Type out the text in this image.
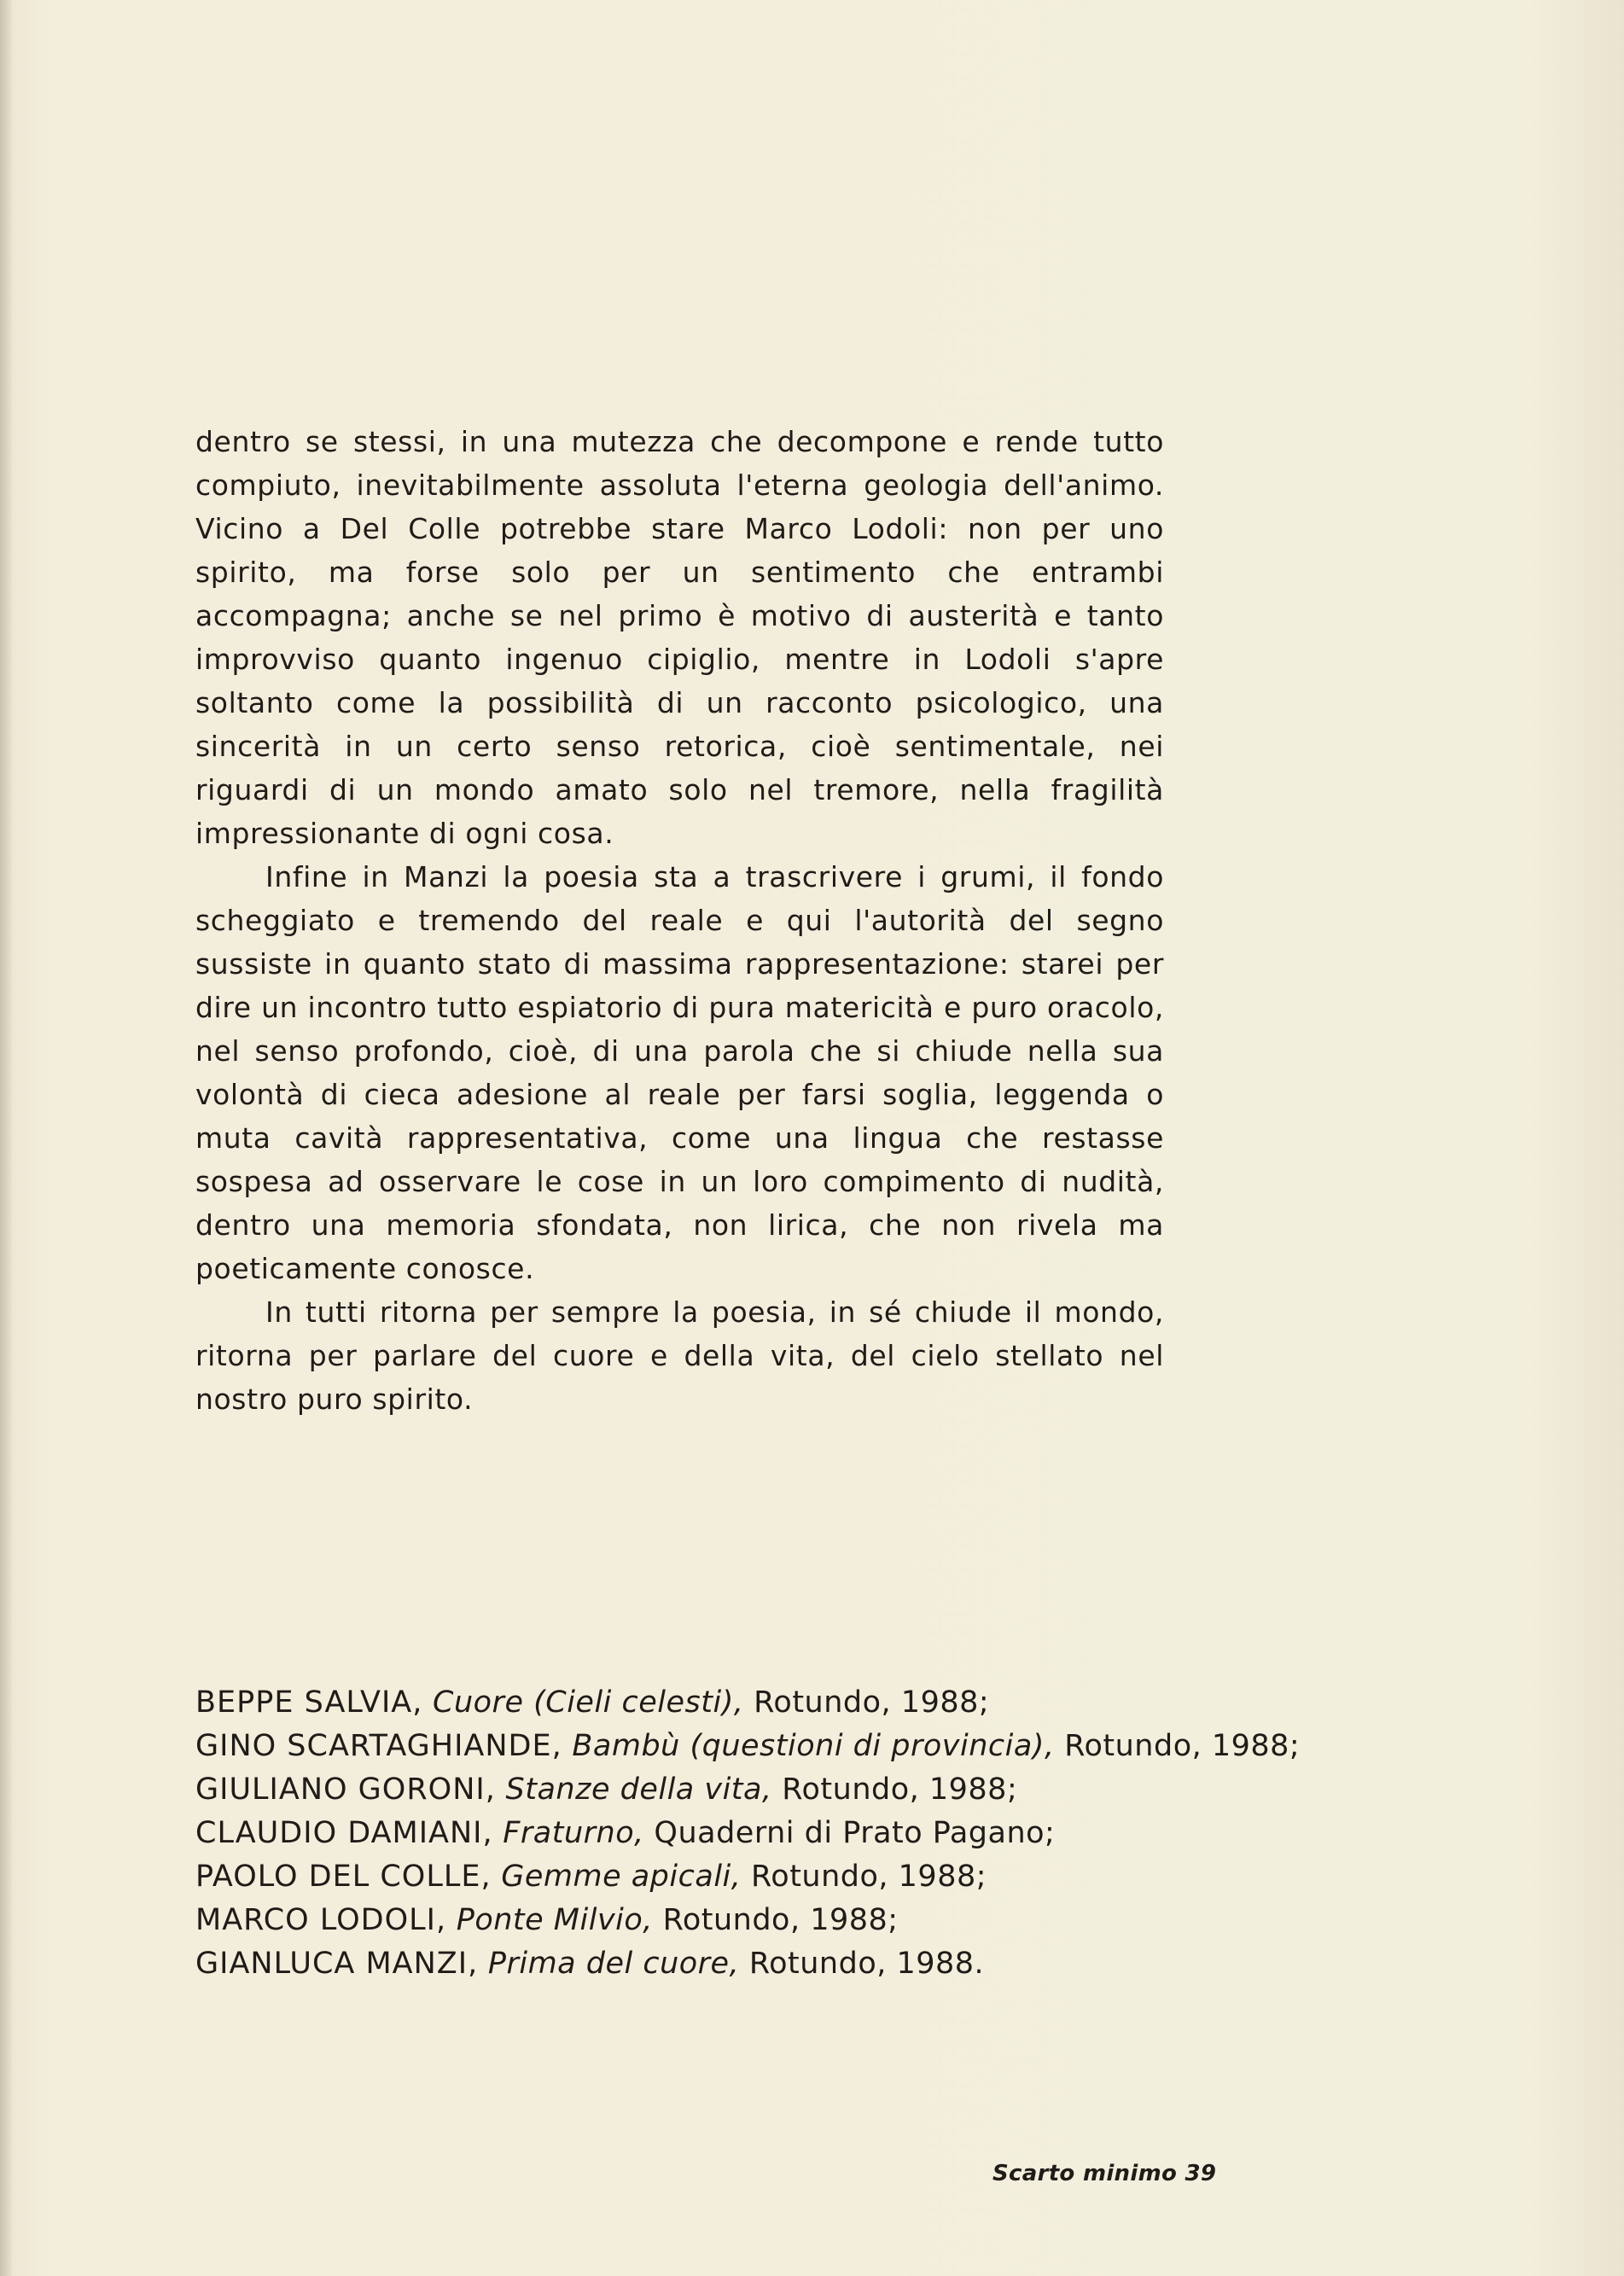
dentro se stessi, in una mutezza che decompone e rende tutto compiuto, inevitabilmente assoluta l'eterna geologia dell'animo. Vicino a Del Colle potrebbe stare Marco Lodoli: non per uno spirito, ma forse solo per un sentimento che entrambi accompagna; anche se nel primo è motivo di austerità e tanto improvviso quanto ingenuo cipiglio, mentre in Lodoli s'apre soltanto come la possibilità di un racconto psicologico, una sincerità in un certo senso retorica, cioè sentimentale, nei riguardi di un mondo amato solo nel tremore, nella fragilità impressionante di ogni cosa.

Infine in Manzi la poesia sta a trascrivere i grumi, il fondo scheggiato e tremendo del reale e qui l'autorità del segno sussiste in quanto stato di massima rappresentazione: starei per dire un incontro tutto espiatorio di pura matericità e puro oracolo, nel senso profondo, cioè, di una parola che si chiude nella sua volontà di cieca adesione al reale per farsi soglia, leggenda o muta cavità rappresentativa, come una lingua che restasse sospesa ad osservare le cose in un loro compimento di nudità, dentro una memoria sfondata, non lirica, che non rivela ma poeticamente conosce.

In tutti ritorna per sempre la poesia, in sé chiude il mondo, ritorna per parlare del cuore e della vita, del cielo stellato nel nostro puro spirito.

BEPPE SALVIA, Cuore (Cieli celesti), Rotundo, 1988;
GINO SCARTAGHIANDE, Bambù (questioni di provincia), Rotundo, 1988;
GIULIANO GORONI, Stanze della vita, Rotundo, 1988;
CLAUDIO DAMIANI, Fraturno, Quaderni di Prato Pagano;
PAOLO DEL COLLE, Gemme apicali, Rotundo, 1988;
MARCO LODOLI, Ponte Milvio, Rotundo, 1988;
GIANLUCA MANZI, Prima del cuore, Rotundo, 1988.
Scarto minimo 39
